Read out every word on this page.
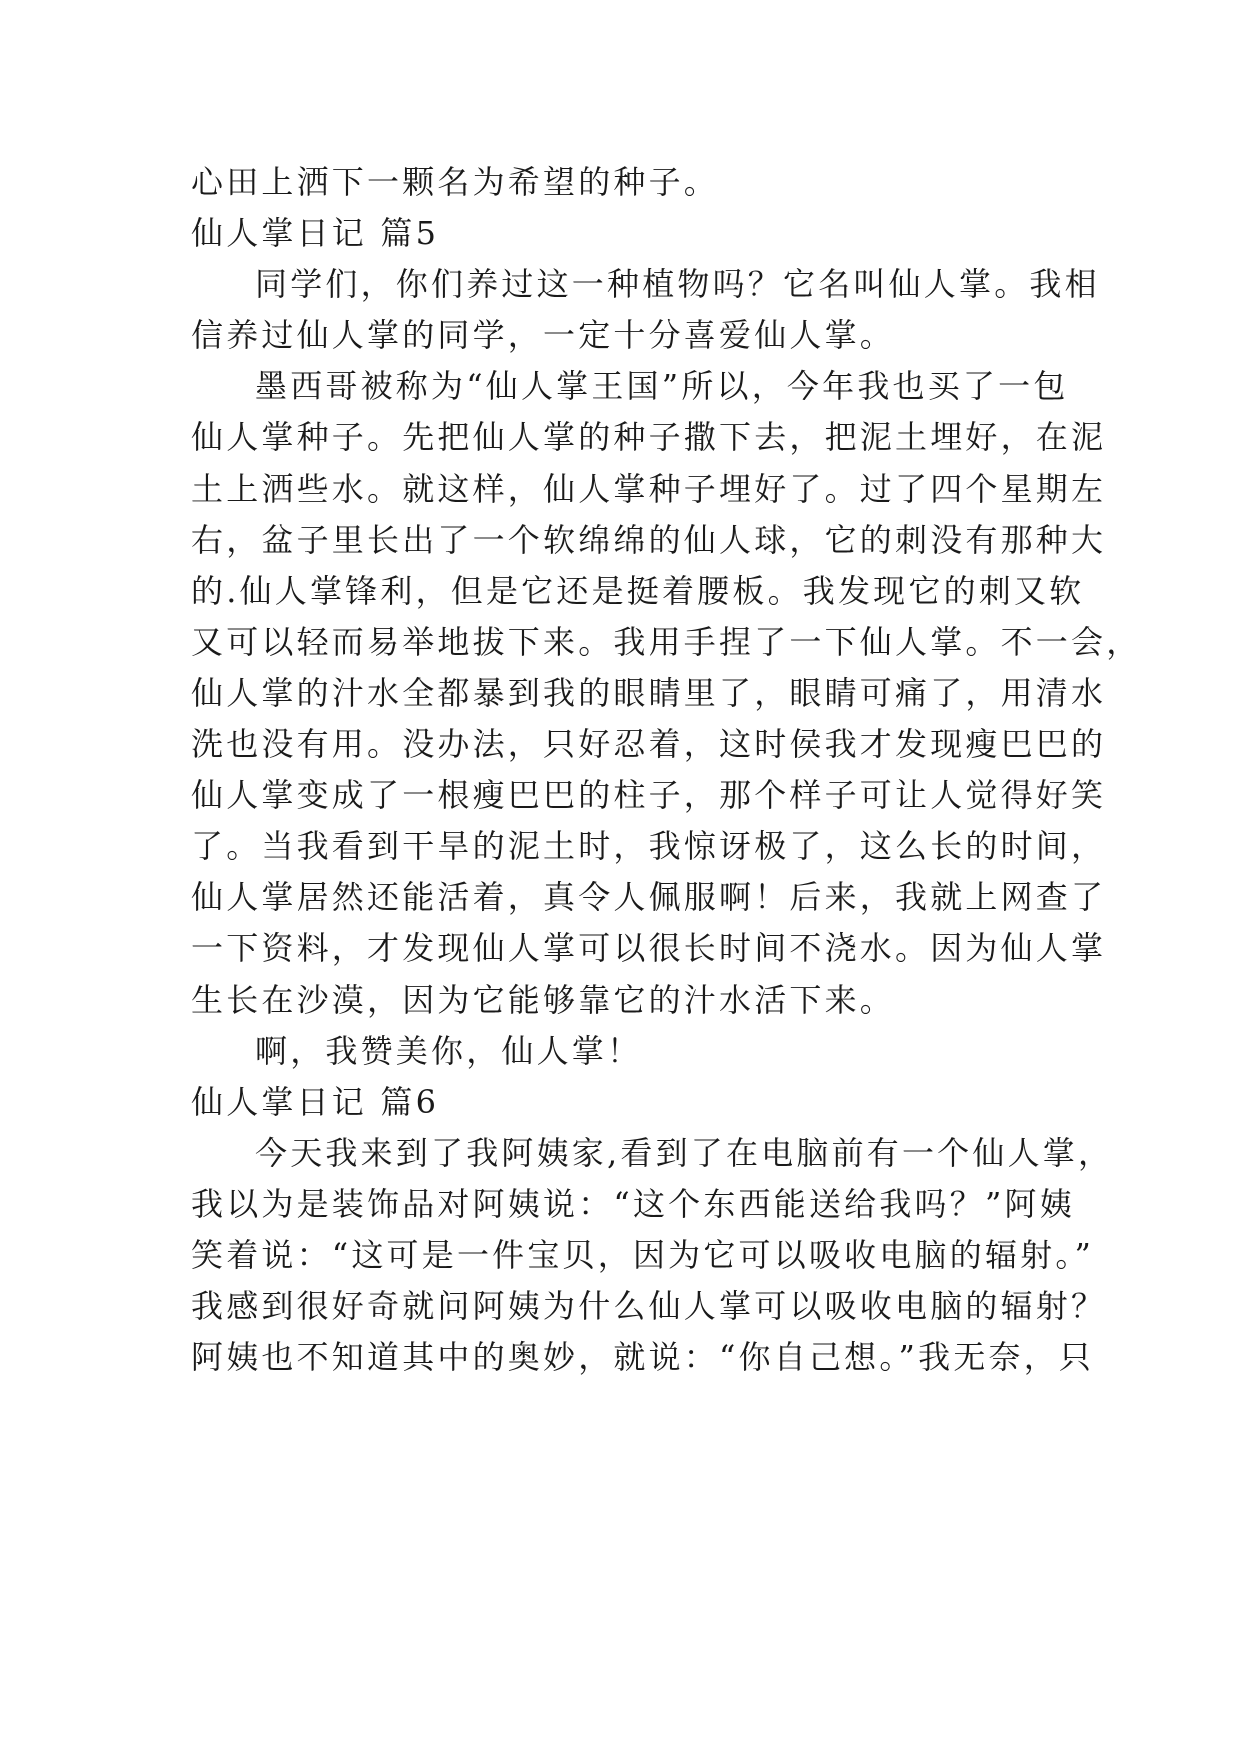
心田上洒下一颗名为希望的种子。
仙人掌日记 篇5
同学们，你们养过这一种植物吗？它名叫仙人掌。我相
信养过仙人掌的同学，一定十分喜爱仙人掌。
墨西哥被称为“仙人掌王国”所以，今年我也买了一包
仙人掌种子。先把仙人掌的种子撒下去，把泥土埋好，在泥
土上洒些水。就这样，仙人掌种子埋好了。过了四个星期左
右，盆子里长出了一个软绵绵的仙人球，它的刺没有那种大
的.仙人掌锋利，但是它还是挺着腰板。我发现它的刺又软
又可以轻而易举地拔下来。我用手捏了一下仙人掌。不一会，
仙人掌的汁水全都暴到我的眼睛里了，眼睛可痛了，用清水
洗也没有用。没办法，只好忍着，这时侯我才发现瘦巴巴的
仙人掌变成了一根瘦巴巴的柱子，那个样子可让人觉得好笑
了。当我看到干旱的泥土时，我惊讶极了，这么长的时间，
仙人掌居然还能活着，真令人佩服啊！后来，我就上网查了
一下资料，才发现仙人掌可以很长时间不浇水。因为仙人掌
生长在沙漠，因为它能够靠它的汁水活下来。
啊，我赞美你，仙人掌！
仙人掌日记 篇6
今天我来到了我阿姨家,看到了在电脑前有一个仙人掌，
我以为是装饰品对阿姨说：“这个东西能送给我吗？”阿姨
笑着说：“这可是一件宝贝，因为它可以吸收电脑的辐射。”
我感到很好奇就问阿姨为什么仙人掌可以吸收电脑的辐射？
阿姨也不知道其中的奥妙，就说：“你自己想。”我无奈，只
